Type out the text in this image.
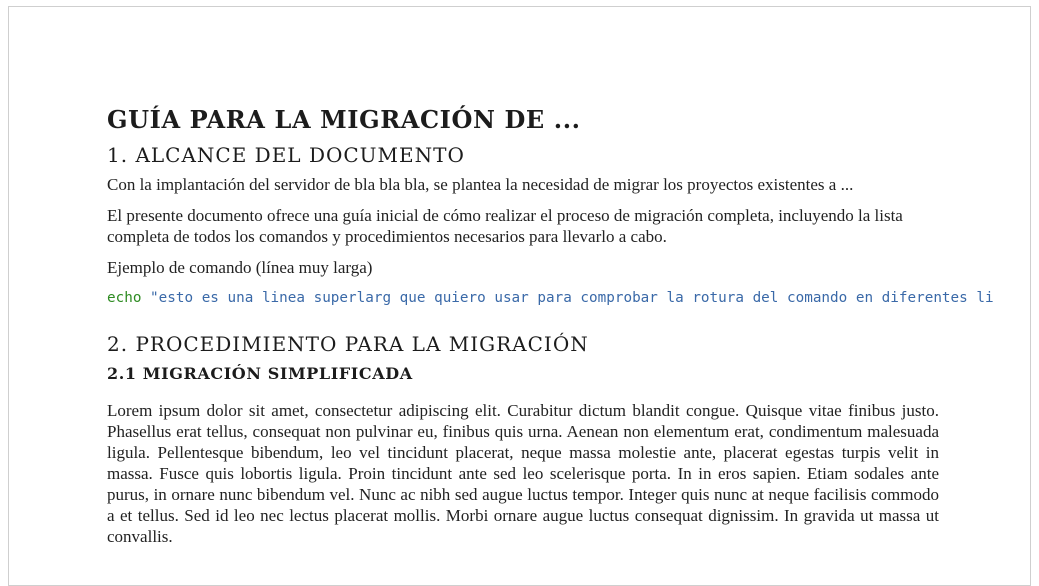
GUÍA PARA LA MIGRACIÓN DE ...
1. ALCANCE DEL DOCUMENTO

Con la implantación del servidor de bla bla bla, se plantea la necesidad de migrar los proyectos existentes a ...

El presente documento ofrece una guía inicial de cómo realizar el proceso de migración completa, incluyendo la lista completa de todos los comandos y procedimientos necesarios para llevarlo a cabo.

Ejemplo de comando (línea muy larga)

echo "esto es una linea superlarg que quiero usar para comprobar la rotura del comando en diferentes li
2. PROCEDIMIENTO PARA LA MIGRACIÓN
2.1 MIGRACIÓN SIMPLIFICADA

Lorem ipsum dolor sit amet, consectetur adipiscing elit. Curabitur dictum blandit congue. Quisque vitae finibus justo. Phasellus erat tellus, consequat non pulvinar eu, finibus quis urna. Aenean non elementum erat, condimentum malesuada ligula. Pellentesque bibendum, leo vel tincidunt placerat, neque massa molestie ante, placerat egestas turpis velit in massa. Fusce quis lobortis ligula. Proin tincidunt ante sed leo scelerisque porta. In in eros sapien. Etiam sodales ante purus, in ornare nunc bibendum vel. Nunc ac nibh sed augue luctus tempor. Integer quis nunc at neque facilisis commodo a et tellus. Sed id leo nec lectus placerat mollis. Morbi ornare augue luctus consequat dignissim. In gravida ut massa ut convallis.
